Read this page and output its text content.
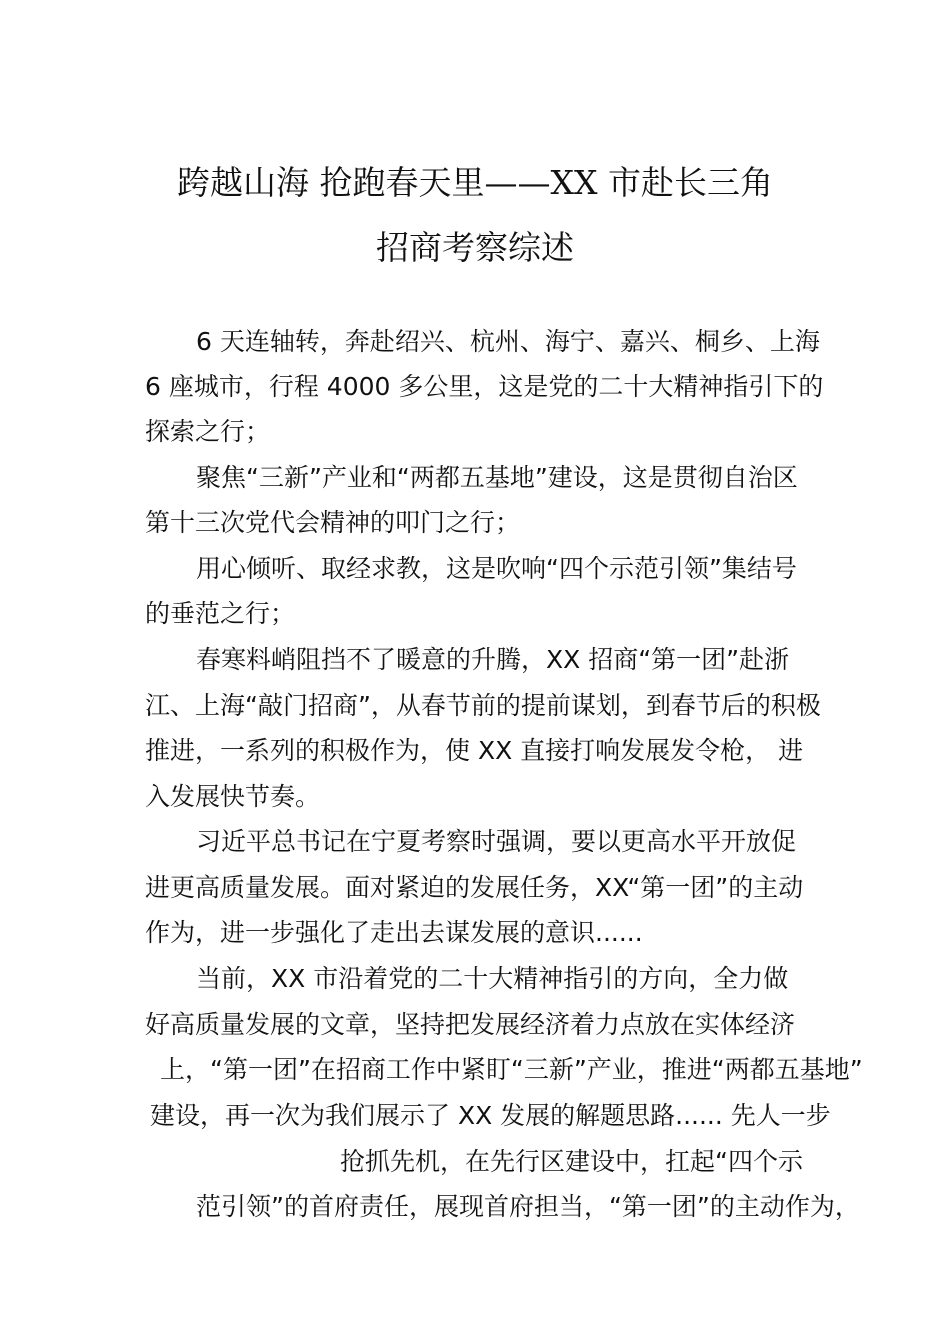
跨越山海 抢跑春天里——XX 市赴长三角
招商考察综述
6 天连轴转，奔赴绍兴、杭州、海宁、嘉兴、桐乡、上海
6 座城市，行程 4000 多公里，这是党的二十大精神指引下的
探索之行；
聚焦“三新”产业和“两都五基地”建设，这是贯彻自治区
第十三次党代会精神的叩门之行；
用心倾听、取经求教，这是吹响“四个示范引领”集结号
的垂范之行；
春寒料峭阻挡不了暖意的升腾，XX 招商“第一团”赴浙
江、上海“敲门招商”，从春节前的提前谋划，到春节后的积极
推进，一系列的积极作为，使 XX 直接打响发展发令枪， 进
入发展快节奏。
习近平总书记在宁夏考察时强调，要以更高水平开放促
进更高质量发展。面对紧迫的发展任务，XX“第一团”的主动
作为，进一步强化了走出去谋发展的意识......
当前，XX 市沿着党的二十大精神指引的方向，全力做
好高质量发展的文章，坚持把发展经济着力点放在实体经济
上，“第一团”在招商工作中紧盯“三新”产业，推进“两都五基地”
建设，再一次为我们展示了 XX 发展的解题思路...... 先人一步
抢抓先机，在先行区建设中，扛起“四个示
范引领”的首府责任，展现首府担当，“第一团”的主动作为，
